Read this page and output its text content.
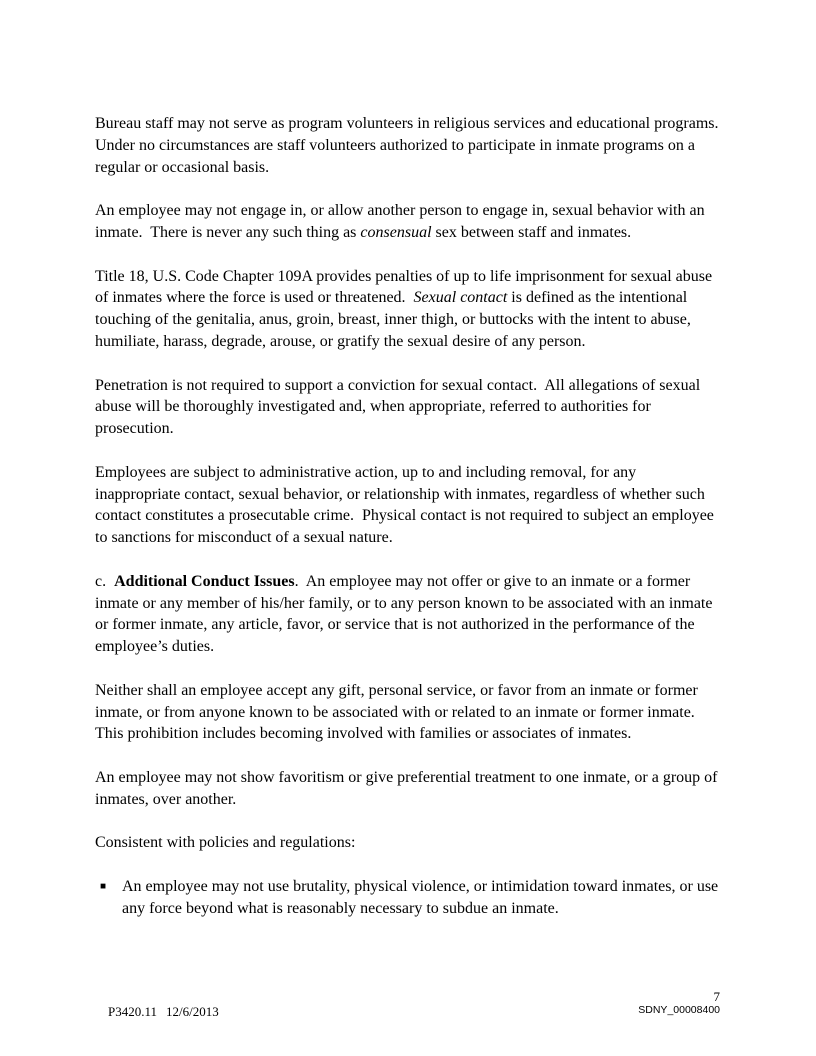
Bureau staff may not serve as program volunteers in religious services and educational programs.  Under no circumstances are staff volunteers authorized to participate in inmate programs on a regular or occasional basis.
An employee may not engage in, or allow another person to engage in, sexual behavior with an inmate.  There is never any such thing as consensual sex between staff and inmates.
Title 18, U.S. Code Chapter 109A provides penalties of up to life imprisonment for sexual abuse of inmates where the force is used or threatened.  Sexual contact is defined as the intentional touching of the genitalia, anus, groin, breast, inner thigh, or buttocks with the intent to abuse, humiliate, harass, degrade, arouse, or gratify the sexual desire of any person.
Penetration is not required to support a conviction for sexual contact.  All allegations of sexual abuse will be thoroughly investigated and, when appropriate, referred to authorities for prosecution.
Employees are subject to administrative action, up to and including removal, for any inappropriate contact, sexual behavior, or relationship with inmates, regardless of whether such contact constitutes a prosecutable crime.  Physical contact is not required to subject an employee to sanctions for misconduct of a sexual nature.
c.  Additional Conduct Issues.  An employee may not offer or give to an inmate or a former inmate or any member of his/her family, or to any person known to be associated with an inmate or former inmate, any article, favor, or service that is not authorized in the performance of the employee’s duties.
Neither shall an employee accept any gift, personal service, or favor from an inmate or former inmate, or from anyone known to be associated with or related to an inmate or former inmate.  This prohibition includes becoming involved with families or associates of inmates.
An employee may not show favoritism or give preferential treatment to one inmate, or a group of inmates, over another.
Consistent with policies and regulations:
■ An employee may not use brutality, physical violence, or intimidation toward inmates, or use any force beyond what is reasonably necessary to subdue an inmate.

P3420.11 12/6/2013

7
SDNY_00008400
